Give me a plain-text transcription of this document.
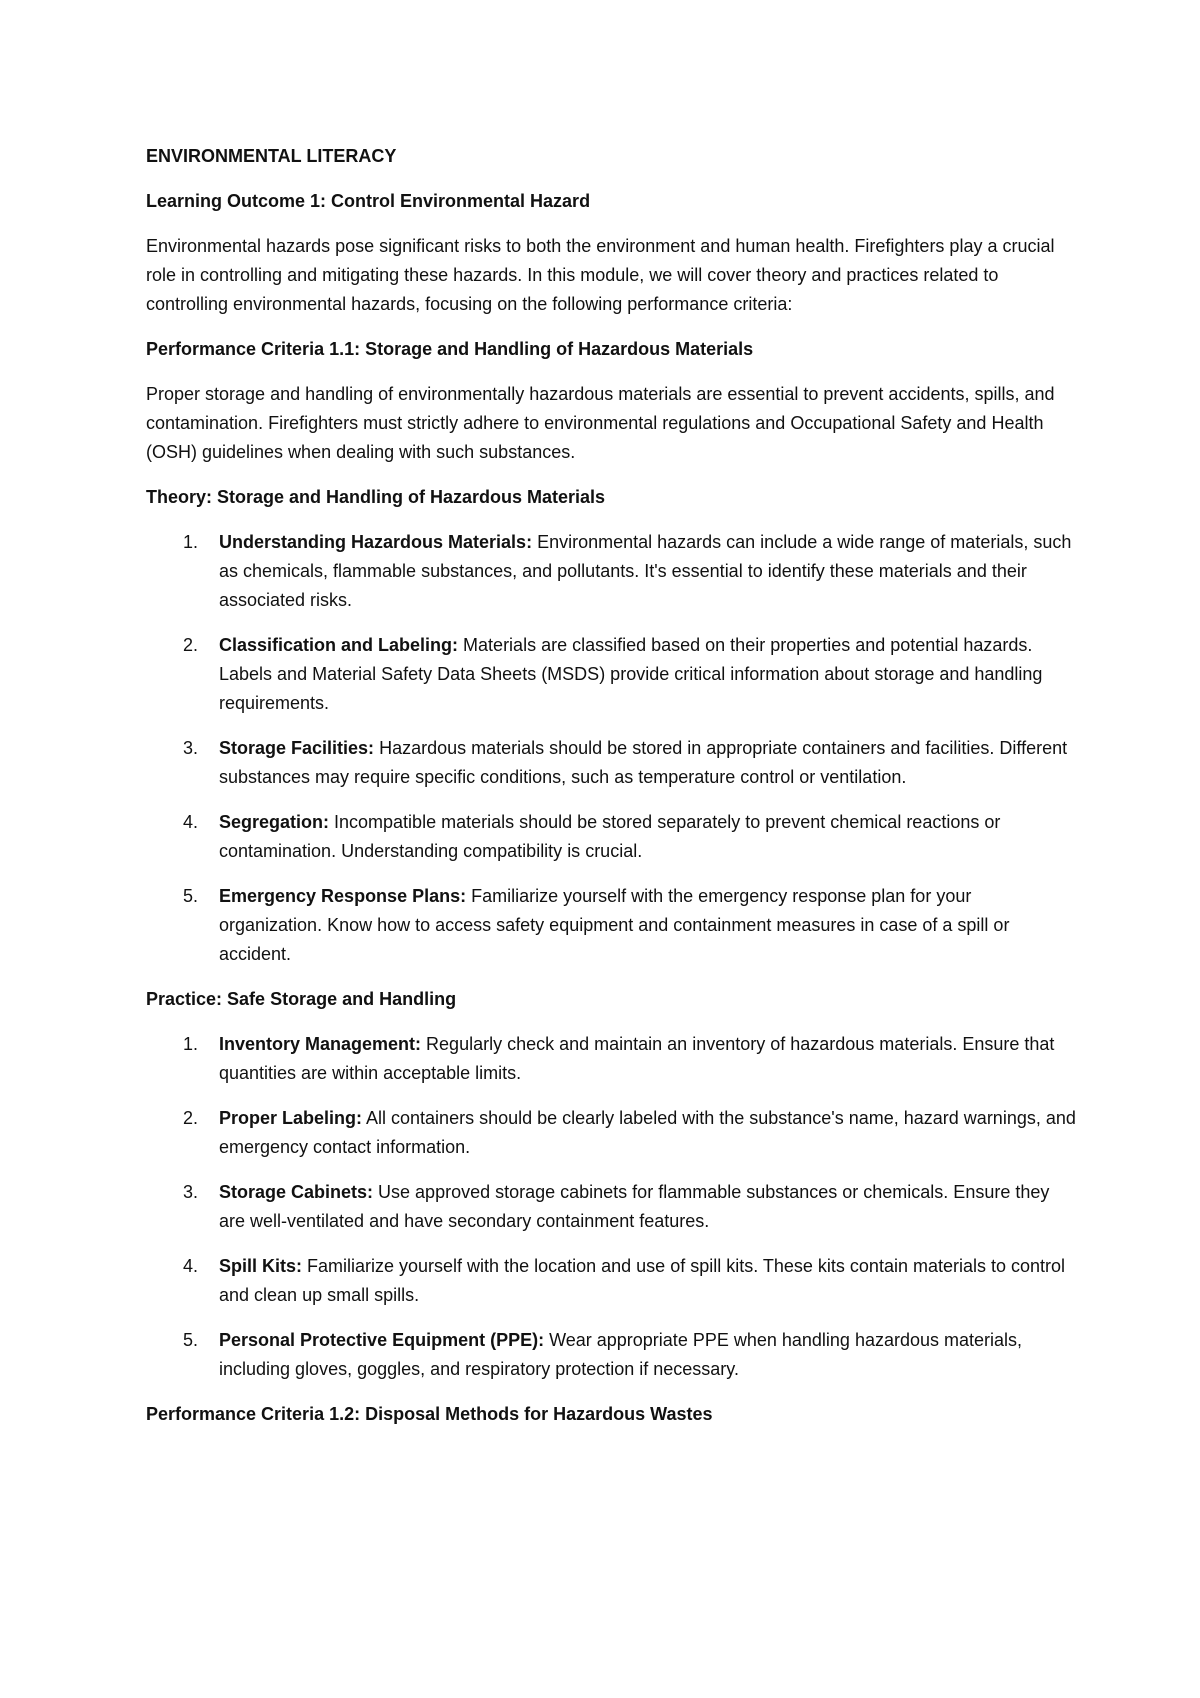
ENVIRONMENTAL LITERACY
Learning Outcome 1: Control Environmental Hazard

Environmental hazards pose significant risks to both the environment and human health. Firefighters play a crucial role in controlling and mitigating these hazards. In this module, we will cover theory and practices related to controlling environmental hazards, focusing on the following performance criteria:

Performance Criteria 1.1: Storage and Handling of Hazardous Materials

Proper storage and handling of environmentally hazardous materials are essential to prevent accidents, spills, and contamination. Firefighters must strictly adhere to environmental regulations and Occupational Safety and Health (OSH) guidelines when dealing with such substances.

Theory: Storage and Handling of Hazardous Materials
1. Understanding Hazardous Materials: Environmental hazards can include a wide range of materials, such as chemicals, flammable substances, and pollutants. It's essential to identify these materials and their associated risks.
2. Classification and Labeling: Materials are classified based on their properties and potential hazards. Labels and Material Safety Data Sheets (MSDS) provide critical information about storage and handling requirements.
3. Storage Facilities: Hazardous materials should be stored in appropriate containers and facilities. Different substances may require specific conditions, such as temperature control or ventilation.
4. Segregation: Incompatible materials should be stored separately to prevent chemical reactions or contamination. Understanding compatibility is crucial.
5. Emergency Response Plans: Familiarize yourself with the emergency response plan for your organization. Know how to access safety equipment and containment measures in case of a spill or accident.
Practice: Safe Storage and Handling
1. Inventory Management: Regularly check and maintain an inventory of hazardous materials. Ensure that quantities are within acceptable limits.
2. Proper Labeling: All containers should be clearly labeled with the substance's name, hazard warnings, and emergency contact information.
3. Storage Cabinets: Use approved storage cabinets for flammable substances or chemicals. Ensure they are well-ventilated and have secondary containment features.
4. Spill Kits: Familiarize yourself with the location and use of spill kits. These kits contain materials to control and clean up small spills.
5. Personal Protective Equipment (PPE): Wear appropriate PPE when handling hazardous materials, including gloves, goggles, and respiratory protection if necessary.
Performance Criteria 1.2: Disposal Methods for Hazardous Wastes
